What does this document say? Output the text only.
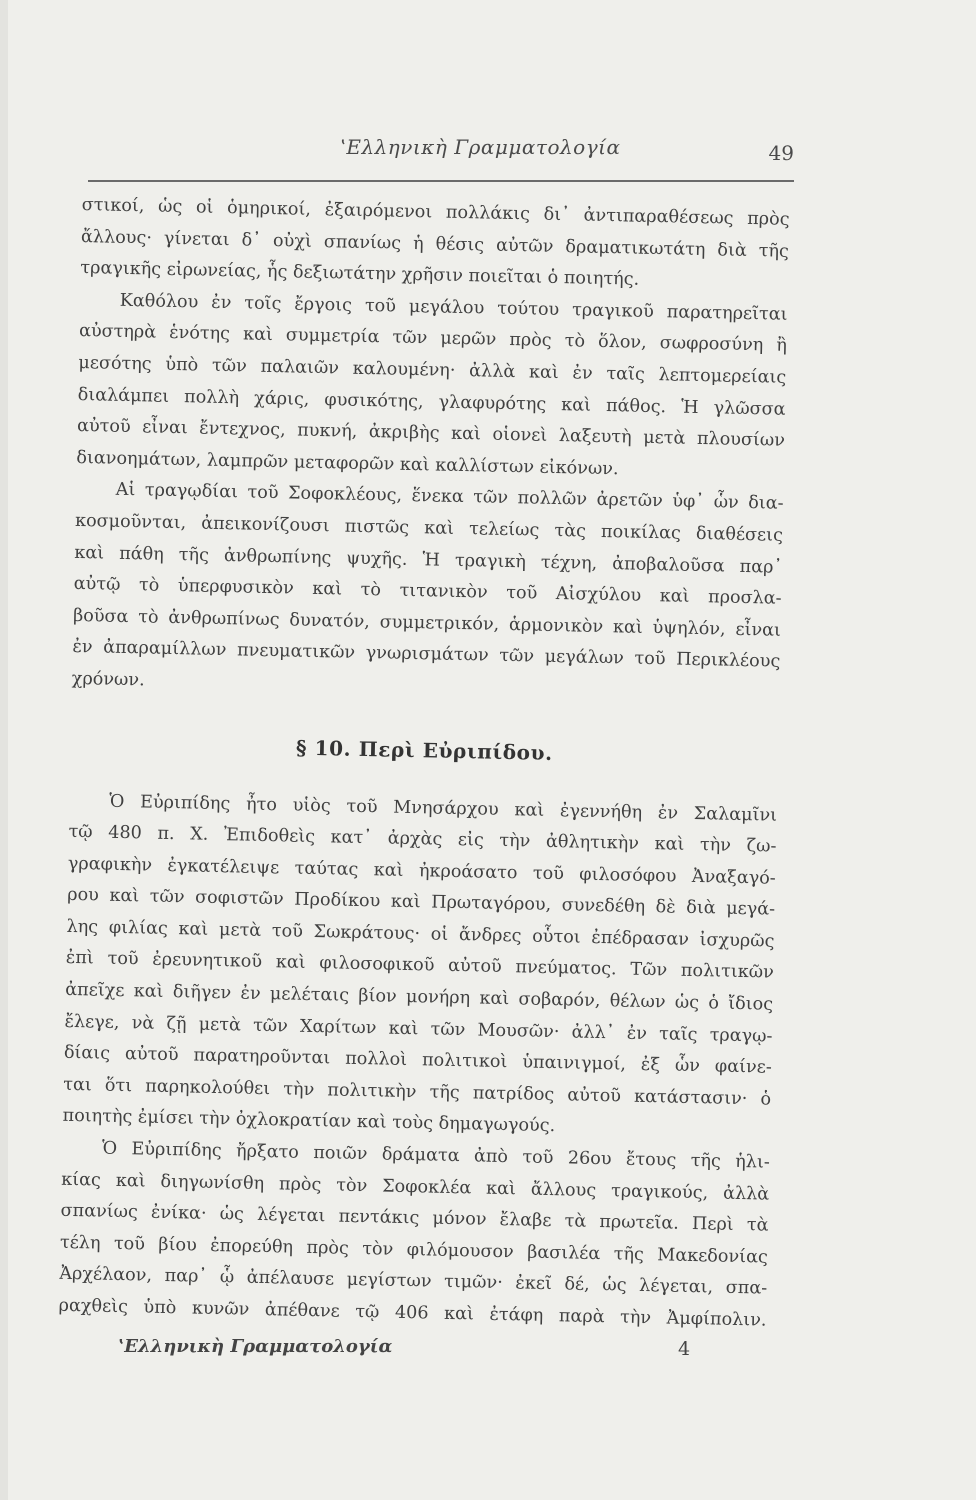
ʽΕλληνικὴ Γραμματολογία	49
στικοί, ὡς οἱ ὁμηρικοί, ἐξαιρόμενοι πολλάκις δι᾽ ἀντιπαραθέσεως πρὸς
ἄλλους· γίνεται δ᾽ οὐχὶ σπανίως ἡ θέσις αὐτῶν δραματικωτάτη διὰ τῆς
τραγικῆς εἰρωνείας, ἧς δεξιωτάτην χρῆσιν ποιεῖται ὁ ποιητής.
Καθόλου ἐν τοῖς ἔργοις τοῦ μεγάλου τούτου τραγικοῦ παρατηρεῖται
αὐστηρὰ ἑνότης καὶ συμμετρία τῶν μερῶν πρὸς τὸ ὅλον, σωφροσύνη ἢ
μεσότης ὑπὸ τῶν παλαιῶν καλουμένη· ἀλλὰ καὶ ἐν ταῖς λεπτομερείαις
διαλάμπει πολλὴ χάρις, φυσικότης, γλαφυρότης καὶ πάθος. Ἡ γλῶσσα
αὐτοῦ εἶναι ἔντεχνος, πυκνή, ἀκριβὴς καὶ οἱονεὶ λαξευτὴ μετὰ πλουσίων
διανοημάτων, λαμπρῶν μεταφορῶν καὶ καλλίστων εἰκόνων.
Αἱ τραγῳδίαι τοῦ Σοφοκλέους, ἕνεκα τῶν πολλῶν ἀρετῶν ὑφ᾽ ὧν δια-
κοσμοῦνται, ἀπεικονίζουσι πιστῶς καὶ τελείως τὰς ποικίλας διαθέσεις
καὶ πάθη τῆς ἀνθρωπίνης ψυχῆς. Ἡ τραγικὴ τέχνη, ἀποβαλοῦσα παρ᾽
αὐτῷ τὸ ὑπερφυσικὸν καὶ τὸ τιτανικὸν τοῦ Αἰσχύλου καὶ προσλα-
βοῦσα τὸ ἀνθρωπίνως δυνατόν, συμμετρικόν, ἁρμονικὸν καὶ ὑψηλόν, εἶναι
ἐν ἀπαραμίλλων πνευματικῶν γνωρισμάτων τῶν μεγάλων τοῦ Περικλέους
χρόνων.
§ 10. Περὶ Εὐριπίδου.
Ὁ Εὐριπίδης ἦτο υἱὸς τοῦ Μνησάρχου καὶ ἐγεννήθη ἐν Σαλαμῖνι
τῷ 480 π. Χ. Ἐπιδοθεὶς κατ᾽ ἀρχὰς εἰς τὴν ἀθλητικὴν καὶ τὴν ζω-
γραφικὴν ἐγκατέλειψε ταύτας καὶ ἠκροάσατο τοῦ φιλοσόφου Ἀναξαγό-
ρου καὶ τῶν σοφιστῶν Προδίκου καὶ Πρωταγόρου, συνεδέθη δὲ διὰ μεγά-
λης φιλίας καὶ μετὰ τοῦ Σωκράτους· οἱ ἄνδρες οὗτοι ἐπέδρασαν ἰσχυρῶς
ἐπὶ τοῦ ἐρευνητικοῦ καὶ φιλοσοφικοῦ αὐτοῦ πνεύματος. Τῶν πολιτικῶν
ἀπεῖχε καὶ διῆγεν ἐν μελέταις βίον μονήρη καὶ σοβαρόν, θέλων ὡς ὁ ἴδιος
ἔλεγε, νὰ ζῇ μετὰ τῶν Χαρίτων καὶ τῶν Μουσῶν· ἀλλ᾽ ἐν ταῖς τραγῳ-
δίαις αὐτοῦ παρατηροῦνται πολλοὶ πολιτικοὶ ὑπαινιγμοί, ἐξ ὧν φαίνε-
ται ὅτι παρηκολούθει τὴν πολιτικὴν τῆς πατρίδος αὐτοῦ κατάστασιν· ὁ
ποιητὴς ἐμίσει τὴν ὀχλοκρατίαν καὶ τοὺς δημαγωγούς.
Ὁ Εὐριπίδης ἤρξατο ποιῶν δράματα ἀπὸ τοῦ 26ου ἔτους τῆς ἡλι-
κίας καὶ διηγωνίσθη πρὸς τὸν Σοφοκλέα καὶ ἄλλους τραγικούς, ἀλλὰ
σπανίως ἐνίκα· ὡς λέγεται πεντάκις μόνον ἔλαβε τὰ πρωτεῖα. Περὶ τὰ
τέλη τοῦ βίου ἐπορεύθη πρὸς τὸν φιλόμουσον βασιλέα τῆς Μακεδονίας
Ἀρχέλαον, παρ᾽ ᾧ ἀπέλαυσε μεγίστων τιμῶν· ἐκεῖ δέ, ὡς λέγεται, σπα-
ραχθεὶς ὑπὸ κυνῶν ἀπέθανε τῷ 406 καὶ ἐτάφη παρὰ τὴν Ἀμφίπολιν.
ʽΕλληνικὴ Γραμματολογία	4
